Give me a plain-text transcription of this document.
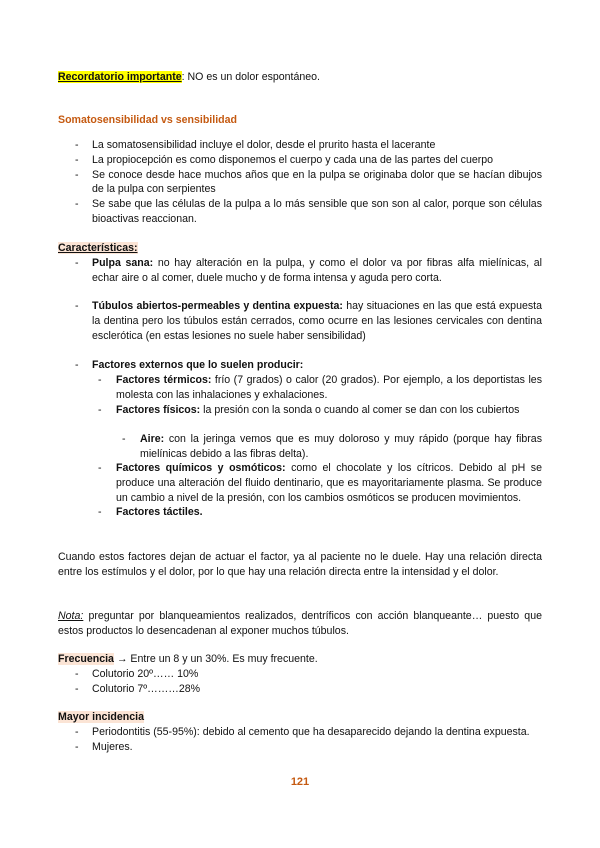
Recordatorio importante: NO es un dolor espontáneo.
Somatosensibilidad vs sensibilidad
- La somatosensibilidad incluye el dolor, desde el prurito hasta el lacerante
- La propiocepción es como disponemos el cuerpo y cada una de las partes del cuerpo
- Se conoce desde hace muchos años que en la pulpa se originaba dolor que se hacían dibujos de la pulpa con serpientes
- Se sabe que las células de la pulpa a lo más sensible que son son al calor, porque son células bioactivas reaccionan.
Características:
- Pulpa sana: no hay alteración en la pulpa, y como el dolor va por fibras alfa mielínicas, al echar aire o al comer, duele mucho y de forma intensa y aguda pero corta.
- Túbulos abiertos-permeables y dentina expuesta: hay situaciones en las que está expuesta la dentina pero los túbulos están cerrados, como ocurre en las lesiones cervicales con dentina esclerótica (en estas lesiones no suele haber sensibilidad)
- Factores externos que lo suelen producir:
- Factores térmicos: frío (7 grados) o calor (20 grados). Por ejemplo, a los deportistas les molesta con las inhalaciones y exhalaciones.
- Factores físicos: la presión con la sonda o cuando al comer se dan con los cubiertos
- Aire: con la jeringa vemos que es muy doloroso y muy rápido (porque hay fibras mielínicas debido a las fibras delta).
- Factores químicos y osmóticos: como el chocolate y los cítricos. Debido al pH se produce una alteración del fluido dentinario, que es mayoritariamente plasma. Se produce un cambio a nivel de la presión, con los cambios osmóticos se producen movimientos.
- Factores táctiles.
Cuando estos factores dejan de actuar el factor, ya al paciente no le duele. Hay una relación directa entre los estímulos y el dolor, por lo que hay una relación directa entre la intensidad y el dolor.
Nota: preguntar por blanqueamientos realizados, dentríficos con acción blanqueante… puesto que estos productos lo desencadenan al exponer muchos túbulos.
Frecuencia → Entre un 8 y un 30%. Es muy frecuente.
- Colutorio 20º…… 10%
- Colutorio 7º………28%
Mayor incidencia
- Periodontitis (55-95%): debido al cemento que ha desaparecido dejando la dentina expuesta.
- Mujeres.
121
